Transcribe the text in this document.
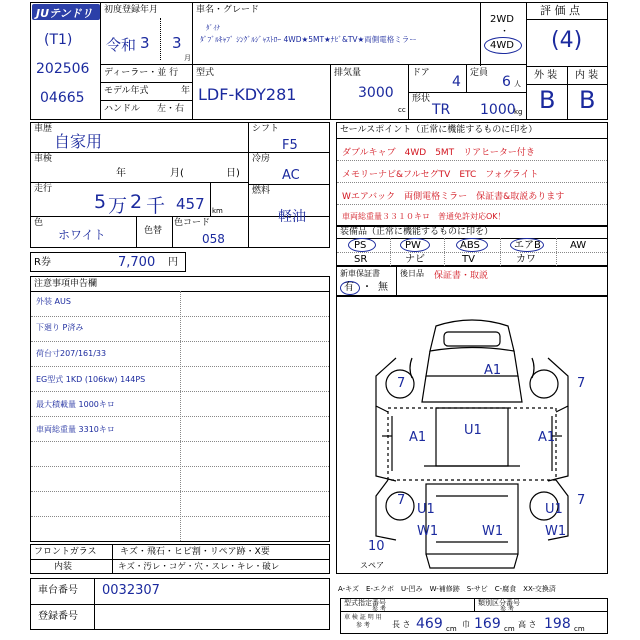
JUテンドリ
(T1)
202506
04665
初度登録年月
令和 3 3
月
ディーラー・並 行
モデル年式	年
ハンドル 左・右
車名・グレード
ﾀﾞｲﾅ
ﾀﾞﾌﾞﾙｷｬﾌﾞ ｼﾝｸﾞﾙｼﾞｬｽﾄﾛｰ 4WD★5MT★ﾅﾋﾞ&TV★両側電格ミラー
2WD
・
4WD
評 価 点
(4)
外 装 内 装
B B
型式
LDF-KDY281
排気量
3000
cc
ドア
4
定員
6 人
形状
TR 1000
kg
車歴
自家用
車検
年	月(	日)
走行
5 万 2 千 457 km
色
ホワイト	色替
色コード
058
シフト
F5
冷房
AC
燃料
軽油
R券	7,700 円
注意事項申告欄
外装 AUS
下廻り P済み
荷台寸207/161/33
EG型式 1KD (106kw) 144PS
最大積載量 1000キロ
車両総重量 3310キロ
セールスポイント（正常に機能するものに印を）
ダブルキャブ　4WD　5MT　リアヒーター付き
メモリーナビ&フルセグTV　ETC　フォグライト
Wエアバック　両側電格ミラー　保証書&取説あります
車両総重量３３１０キロ　普通免許対応OK！
装備品（正常に機能するものに印を）
PS	PW	ABS	エアB	AW
SR	ナビ	TV	カワ
新車保証書
有 ・ 無
後日品 保証書・取説
A1
7	7
A1	U1	A1
7	7
U1	U1
W1	W1	W1
10
スペア
フロントガラス	キズ・飛石・ヒビ割・リペア跡・X要
内装	キズ・汚レ・コゲ・穴・スレ・キレ・破レ
車台番号 0032307
登録番号
A-キズ　E-エクボ　U-凹み　W-補修跡　S-サビ　C-腐食　XX-交換済
型式指定番号
参 考
類別区分番号
参 考
車 検 証 明 用
参 考	長 さ 469 cm 巾 169 cm 高 さ 198 cm
